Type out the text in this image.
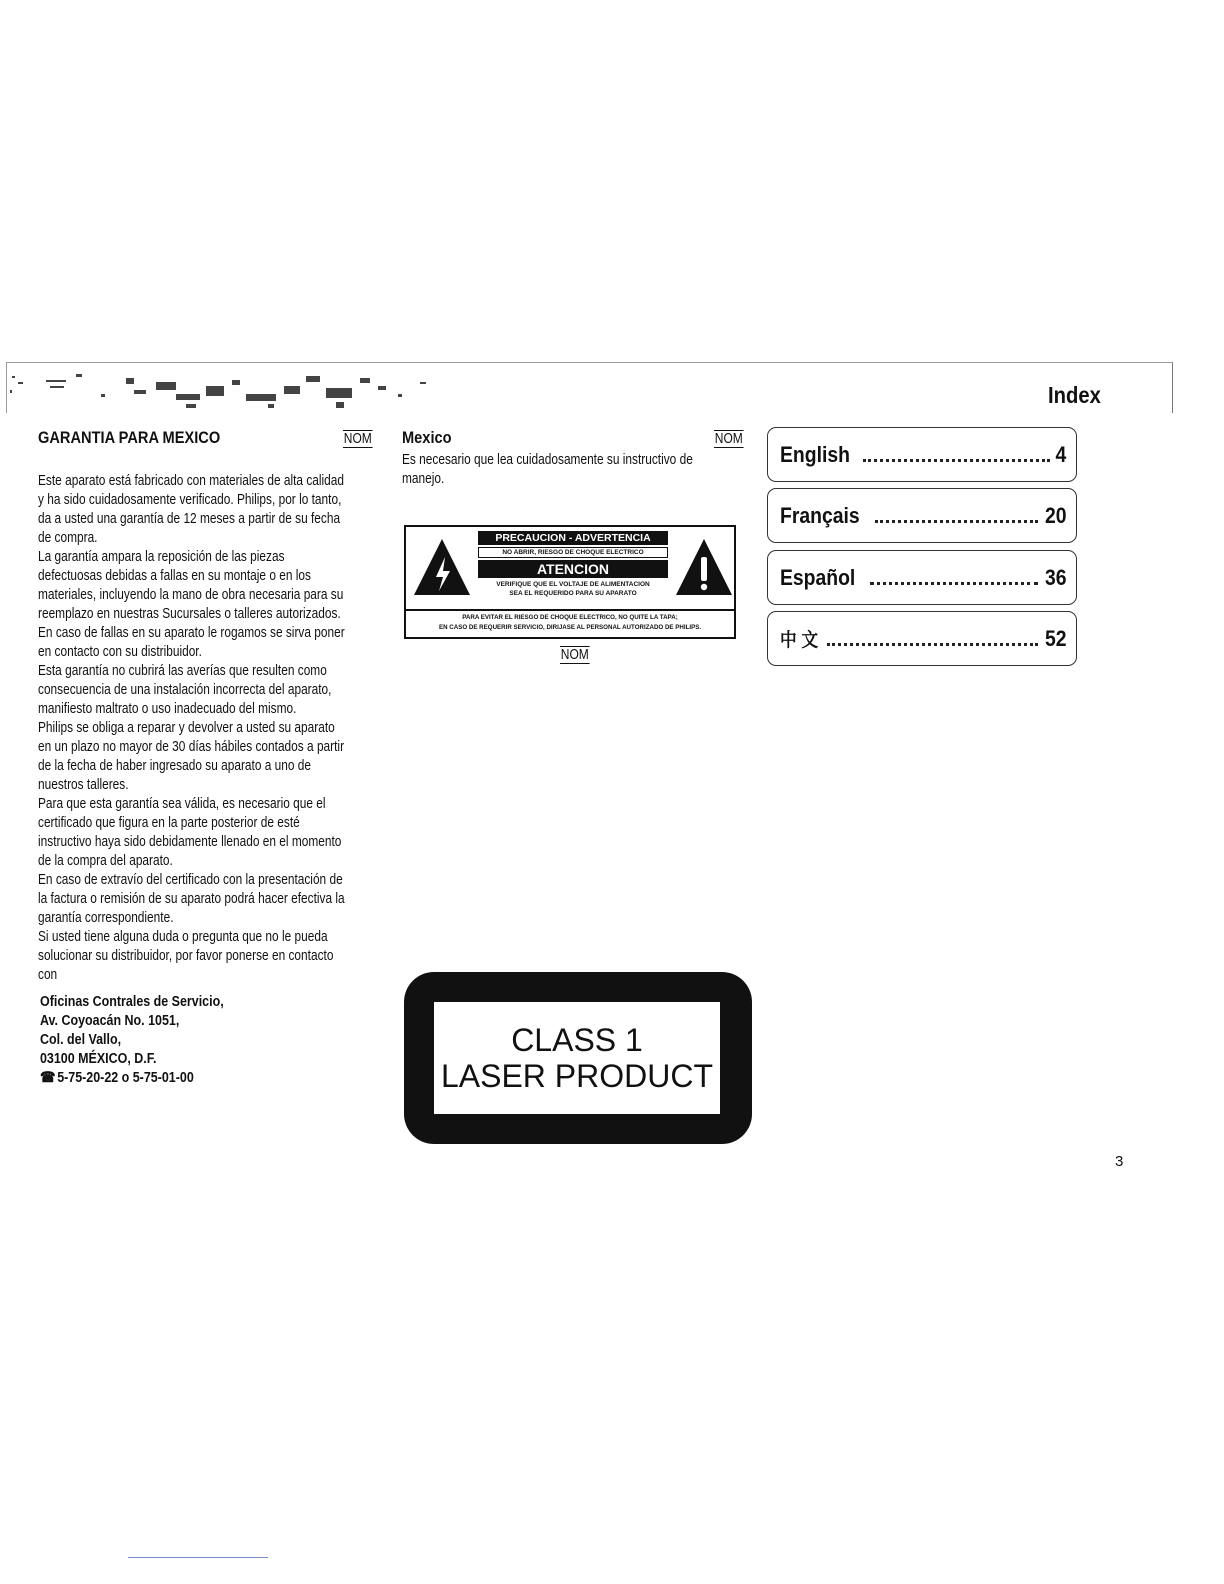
Index
GARANTIA PARA MEXICO	NOM

Este aparato está fabricado con materiales de alta calidad

y ha sido cuidadosamente verificado. Philips, por lo tanto,

da a usted una garantía de 12 meses a partir de su fecha

de compra.

La garantía ampara la reposición de las piezas

defectuosas debidas a fallas en su montaje o en los

materiales, incluyendo la mano de obra necesaria para su

reemplazo en nuestras Sucursales o talleres autorizados.

En caso de fallas en su aparato le rogamos se sirva poner

en contacto con su distribuidor.

Esta garantía no cubrirá las averías que resulten como

consecuencia de una instalación incorrecta del aparato,

manifiesto maltrato o uso inadecuado del mismo.

Philips se obliga a reparar y devolver a usted su aparato

en un plazo no mayor de 30 días hábiles contados a partir

de la fecha de haber ingresado su aparato a uno de

nuestros talleres.

Para que esta garantía sea válida, es necesario que el

certificado que figura en la parte posterior de esté

instructivo haya sido debidamente llenado en el momento

de la compra del aparato.

En caso de extravío del certificado con la presentación de

la factura o remisión de su aparato podrá hacer efectiva la

garantía correspondiente.

Si usted tiene alguna duda o pregunta que no le pueda

solucionar su distribuidor, por favor ponerse en contacto

con

Oficinas Contrales de Servicio,
Av. Coyoacán No. 1051,
Col. del Vallo,
03100 MÉXICO, D.F.
☎ 5-75-20-22 o 5-75-01-00
Mexico	NOM

Es necesario que lea cuidadosamente su instructivo de

manejo.

PRECAUCION - ADVERTENCIA
NO ABRIR, RIESGO DE CHOQUE ELECTRICO
ATENCION
VERIFIQUE QUE EL VOLTAJE DE ALIMENTACION
SEA EL REQUERIDO PARA SU APARATO
PARA EVITAR EL RIESGO DE CHOQUE ELECTRICO, NO QUITE LA TAPA;
EN CASO DE REQUERIR SERVICIO, DIRIJASE AL PERSONAL AUTORIZADO DE PHILIPS.
NOM
CLASS 1
LASER PRODUCT
English	4
Français	20
Español	36
中 文	52
3
